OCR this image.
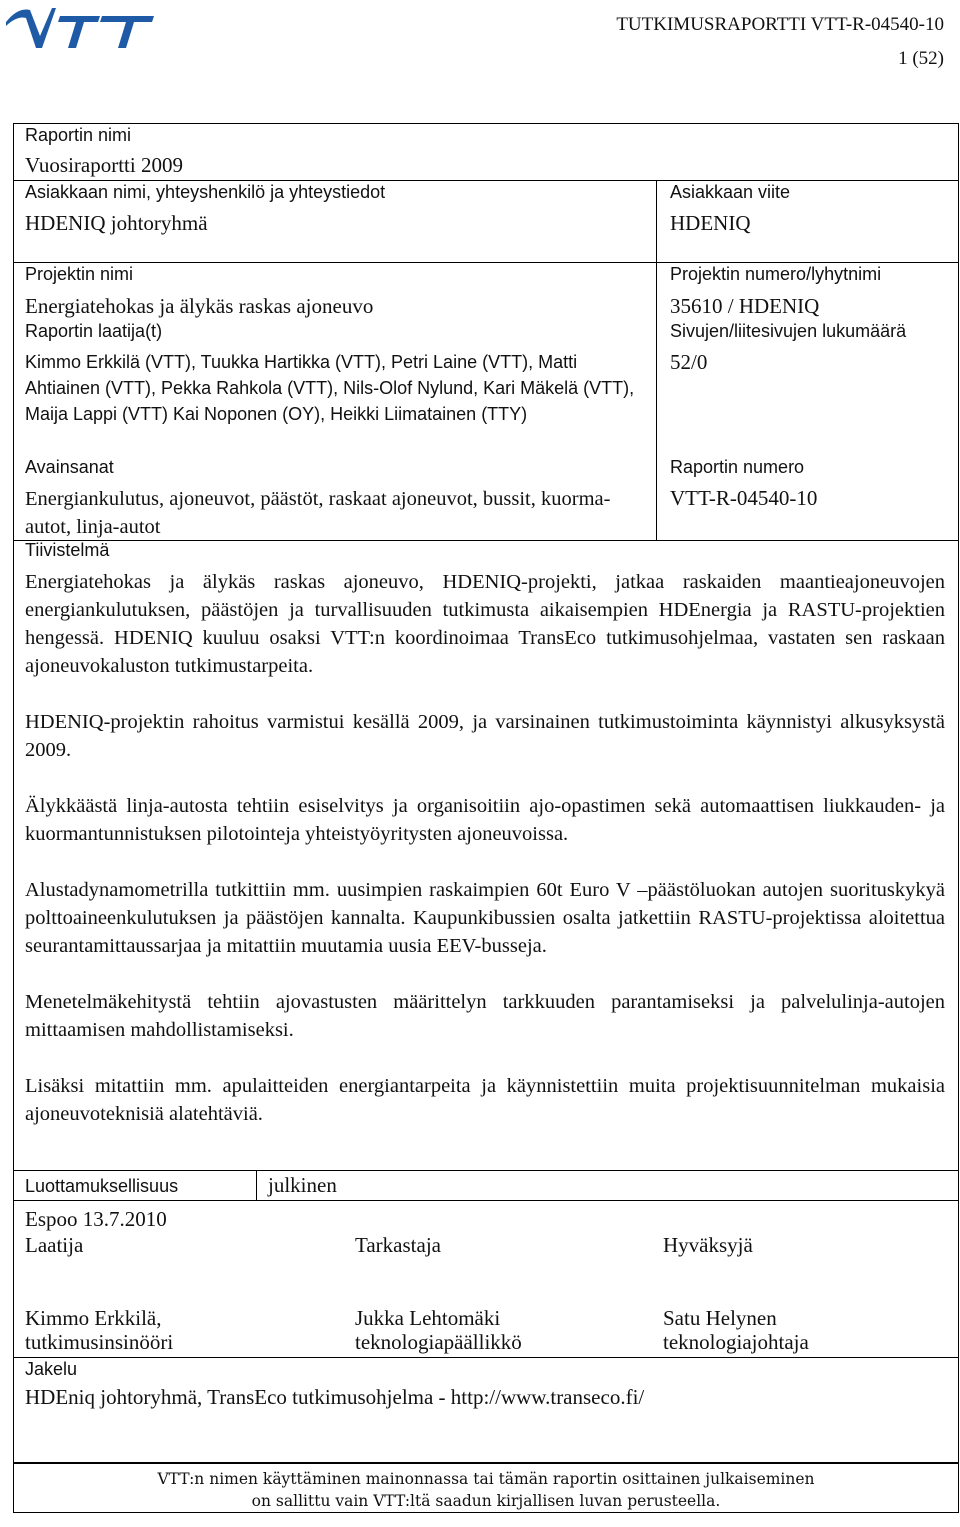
VTT
TUTKIMUSRAPORTTI VTT-R-04540-10
1 (52)
Raportin nimi
Vuosiraportti 2009
Asiakkaan nimi, yhteyshenkilö ja yhteystiedot
HDENIQ johtoryhmä
Asiakkaan viite
HDENIQ
Projektin nimi
Energiatehokas ja älykäs raskas ajoneuvo
Projektin numero/lyhytnimi
35610 / HDENIQ
Raportin laatija(t)
Kimmo Erkkilä (VTT), Tuukka Hartikka (VTT), Petri Laine (VTT), Matti Ahtiainen (VTT), Pekka Rahkola (VTT), Nils-Olof Nylund, Kari Mäkelä (VTT), Maija Lappi (VTT) Kai Noponen (OY), Heikki Liimatainen (TTY)
Sivujen/liitesivujen lukumäärä
52/0
Avainsanat
Energiankulutus, ajoneuvot, päästöt, raskaat ajoneuvot, bussit, kuorma-autot, linja-autot
Raportin numero
VTT-R-04540-10
Tiivistelmä

Energiatehokas ja älykäs raskas ajoneuvo, HDENIQ-projekti, jatkaa raskaiden maantieajoneuvojen energiankulutuksen, päästöjen ja turvallisuuden tutkimusta aikaisempien HDEnergia ja RASTU-projektien hengessä. HDENIQ kuuluu osaksi VTT:n koordinoimaa TransEco tutkimusohjelmaa, vastaten sen raskaan ajoneuvokaluston tutkimustarpeita.

HDENIQ-projektin rahoitus varmistui kesällä 2009, ja varsinainen tutkimustoiminta käynnistyi alkusyksystä 2009.

Älykkäästä linja-autosta tehtiin esiselvitys ja organisoitiin ajo-opastimen sekä automaattisen liukkauden- ja kuormantunnistuksen pilotointeja yhteistyöyritysten ajoneuvoissa.

Alustadynamometrilla tutkittiin mm. uusimpien raskaimpien 60t Euro V –päästöluokan autojen suorituskykyä polttoaineenkulutuksen ja päästöjen kannalta. Kaupunkibussien osalta jatkettiin RASTU-projektissa aloitettua seurantamittaussarjaa ja mitattiin muutamia uusia EEV-busseja.

Menetelmäkehitystä tehtiin ajovastusten määrittelyn tarkkuuden parantamiseksi ja palvelulinja-autojen mittaamisen mahdollistamiseksi.

Lisäksi mitattiin mm. apulaitteiden energiantarpeita ja käynnistettiin muita projektisuunnitelman mukaisia ajoneuvoteknisiä alatehtäviä.

Luottamuksellisuus	julkinen
Espoo 13.7.2010
Laatija	Tarkastaja	Hyväksyjä
Kimmo Erkkilä,	Jukka Lehtomäki	Satu Helynen
tutkimusinsinööri	teknologiapäällikkö	teknologiajohtaja
Jakelu
HDEniq johtoryhmä, TransEco tutkimusohjelma - http://www.transeco.fi/
VTT:n nimen käyttäminen mainonnassa tai tämän raportin osittainen julkaiseminen
on sallittu vain VTT:ltä saadun kirjallisen luvan perusteella.
